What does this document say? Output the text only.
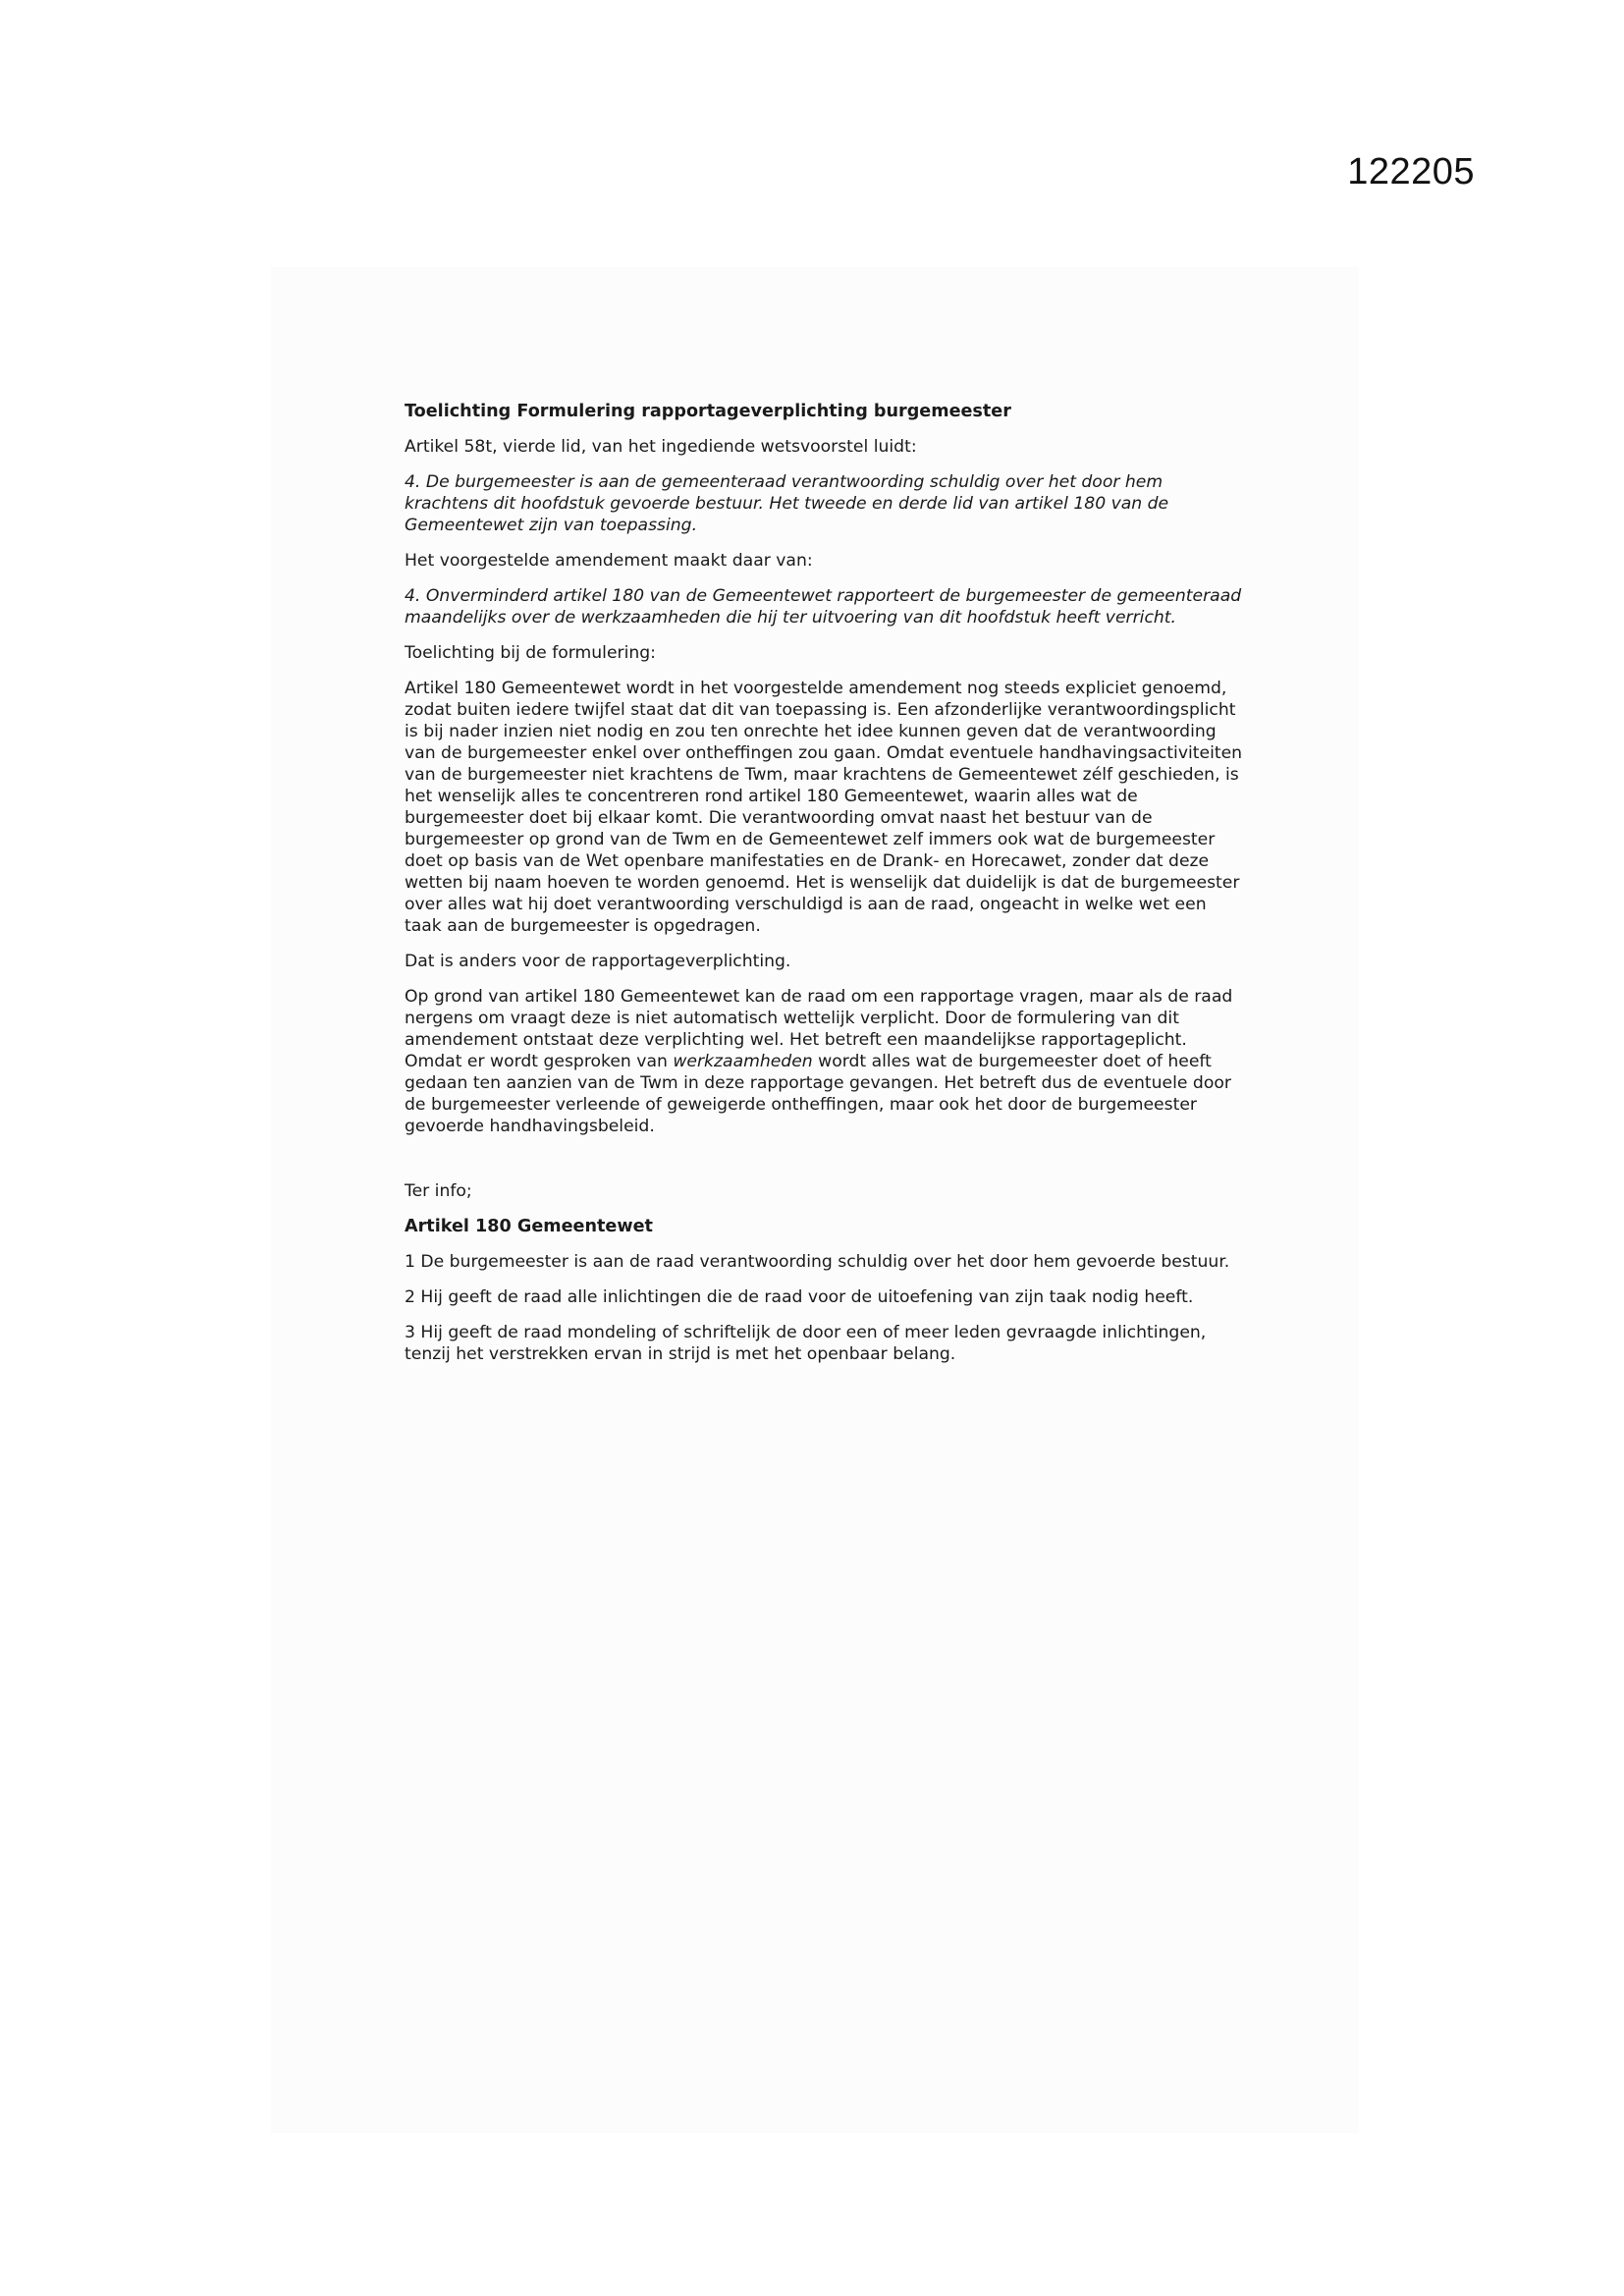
122205

Toelichting Formulering rapportageverplichting burgemeester

Artikel 58t, vierde lid, van het ingediende wetsvoorstel luidt:

4. De burgemeester is aan de gemeenteraad verantwoording schuldig over het door hem krachtens dit hoofdstuk gevoerde bestuur. Het tweede en derde lid van artikel 180 van de Gemeentewet zijn van toepassing.

Het voorgestelde amendement maakt daar van:

4. Onverminderd artikel 180 van de Gemeentewet rapporteert de burgemeester de gemeenteraad maandelijks over de werkzaamheden die hij ter uitvoering van dit hoofdstuk heeft verricht.

Toelichting bij de formulering:

Artikel 180 Gemeentewet wordt in het voorgestelde amendement nog steeds expliciet genoemd, zodat buiten iedere twijfel staat dat dit van toepassing is. Een afzonderlijke verantwoordingsplicht is bij nader inzien niet nodig en zou ten onrechte het idee kunnen geven dat de verantwoording van de burgemeester enkel over ontheffingen zou gaan. Omdat eventuele handhavingsactiviteiten van de burgemeester niet krachtens de Twm, maar krachtens de Gemeentewet zélf geschieden, is het wenselijk alles te concentreren rond artikel 180 Gemeentewet, waarin alles wat de burgemeester doet bij elkaar komt. Die verantwoording omvat naast het bestuur van de burgemeester op grond van de Twm en de Gemeentewet zelf immers ook wat de burgemeester doet op basis van de Wet openbare manifestaties en de Drank- en Horecawet, zonder dat deze wetten bij naam hoeven te worden genoemd. Het is wenselijk dat duidelijk is dat de burgemeester over alles wat hij doet verantwoording verschuldigd is aan de raad, ongeacht in welke wet een taak aan de burgemeester is opgedragen.

Dat is anders voor de rapportageverplichting.

Op grond van artikel 180 Gemeentewet kan de raad om een rapportage vragen, maar als de raad nergens om vraagt deze is niet automatisch wettelijk verplicht. Door de formulering van dit amendement ontstaat deze verplichting wel. Het betreft een maandelijkse rapportageplicht. Omdat er wordt gesproken van werkzaamheden wordt alles wat de burgemeester doet of heeft gedaan ten aanzien van de Twm in deze rapportage gevangen. Het betreft dus de eventuele door de burgemeester verleende of geweigerde ontheffingen, maar ook het door de burgemeester gevoerde handhavingsbeleid.

Ter info;

Artikel 180 Gemeentewet

1 De burgemeester is aan de raad verantwoording schuldig over het door hem gevoerde bestuur.

2 Hij geeft de raad alle inlichtingen die de raad voor de uitoefening van zijn taak nodig heeft.

3 Hij geeft de raad mondeling of schriftelijk de door een of meer leden gevraagde inlichtingen, tenzij het verstrekken ervan in strijd is met het openbaar belang.
